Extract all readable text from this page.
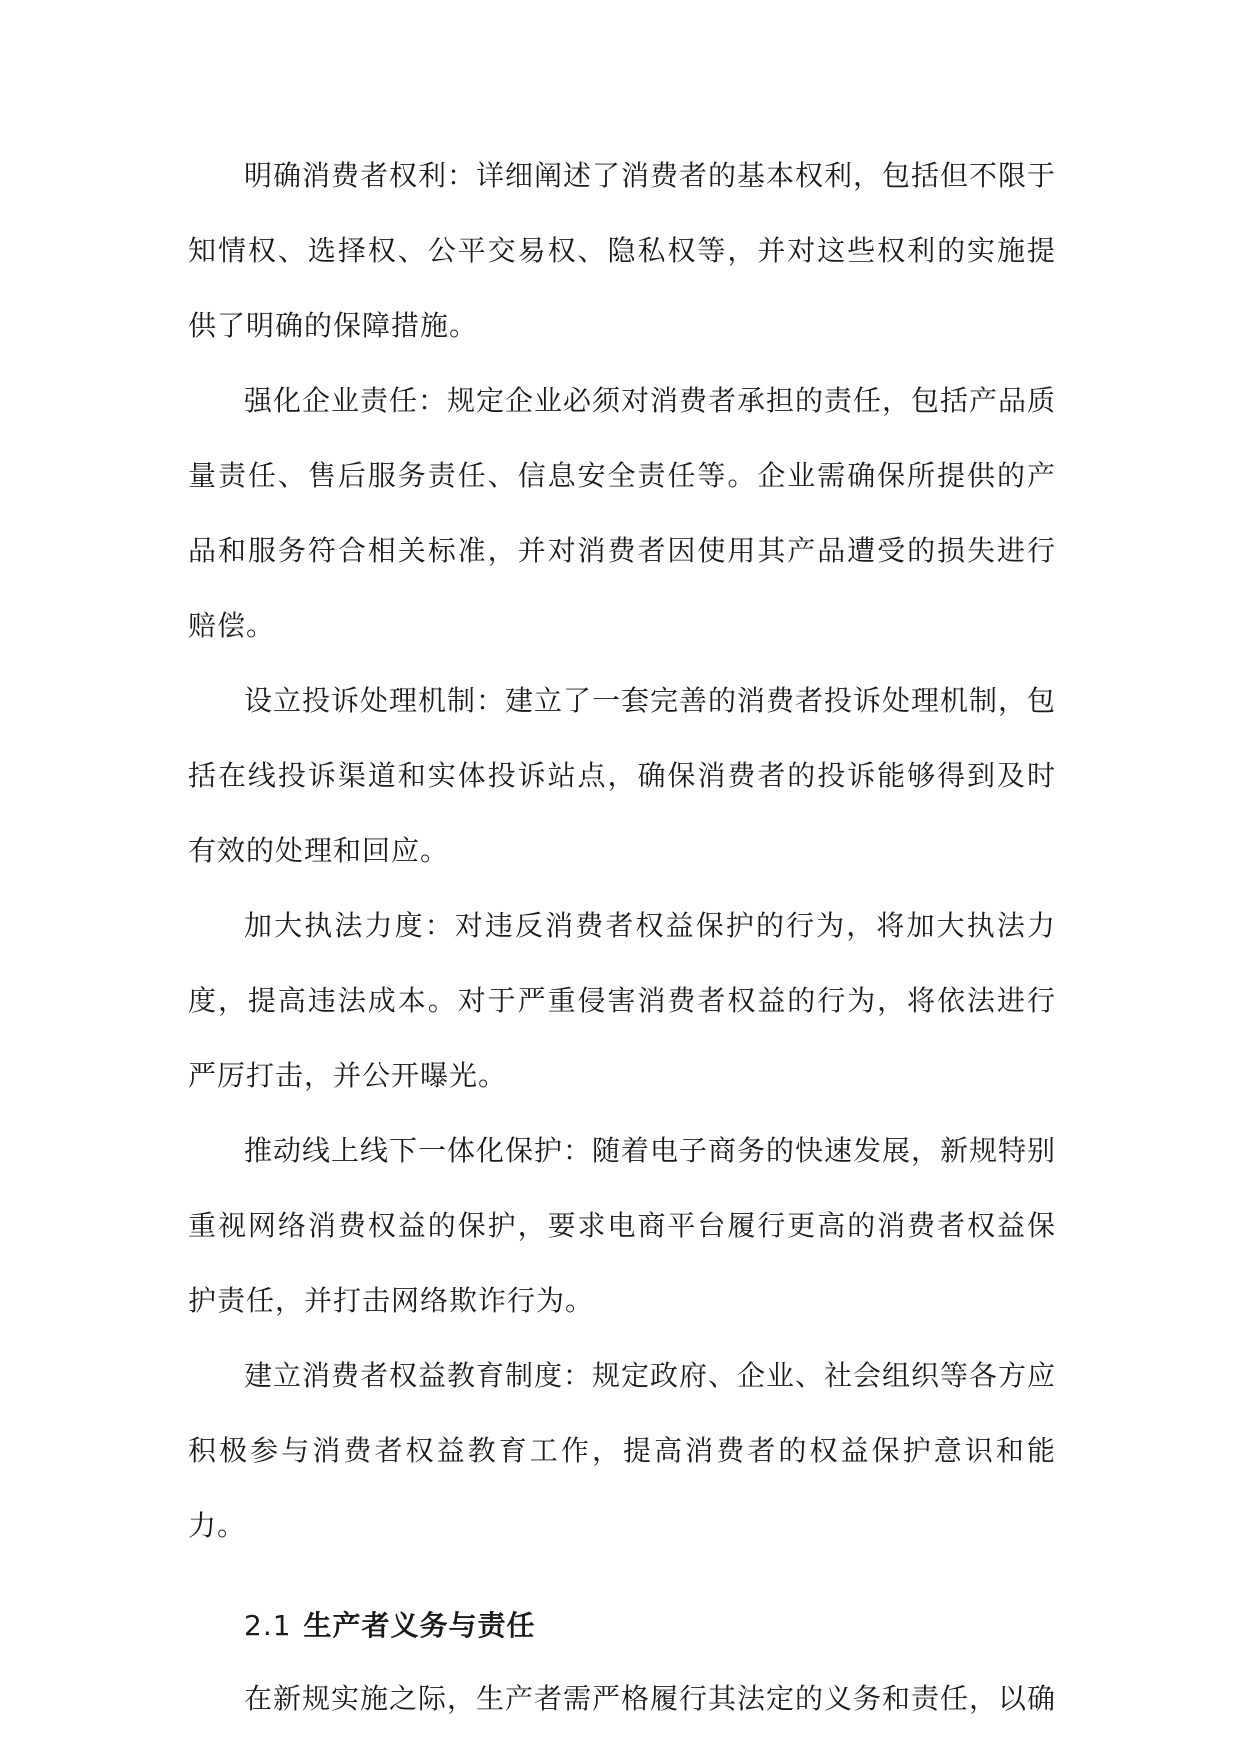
明确消费者权利：详细阐述了消费者的基本权利，包括但不限于知情权、选择权、公平交易权、隐私权等，并对这些权利的实施提供了明确的保障措施。

强化企业责任：规定企业必须对消费者承担的责任，包括产品质量责任、售后服务责任、信息安全责任等。企业需确保所提供的产品和服务符合相关标准，并对消费者因使用其产品遭受的损失进行赔偿。

设立投诉处理机制：建立了一套完善的消费者投诉处理机制，包括在线投诉渠道和实体投诉站点，确保消费者的投诉能够得到及时有效的处理和回应。

加大执法力度：对违反消费者权益保护的行为，将加大执法力度，提高违法成本。对于严重侵害消费者权益的行为，将依法进行严厉打击，并公开曝光。

推动线上线下一体化保护：随着电子商务的快速发展，新规特别重视网络消费权益的保护，要求电商平台履行更高的消费者权益保护责任，并打击网络欺诈行为。

建立消费者权益教育制度：规定政府、企业、社会组织等各方应积极参与消费者权益教育工作，提高消费者的权益保护意识和能力。

2.1 生产者义务与责任

在新规实施之际，生产者需严格履行其法定的义务和责任，以确
